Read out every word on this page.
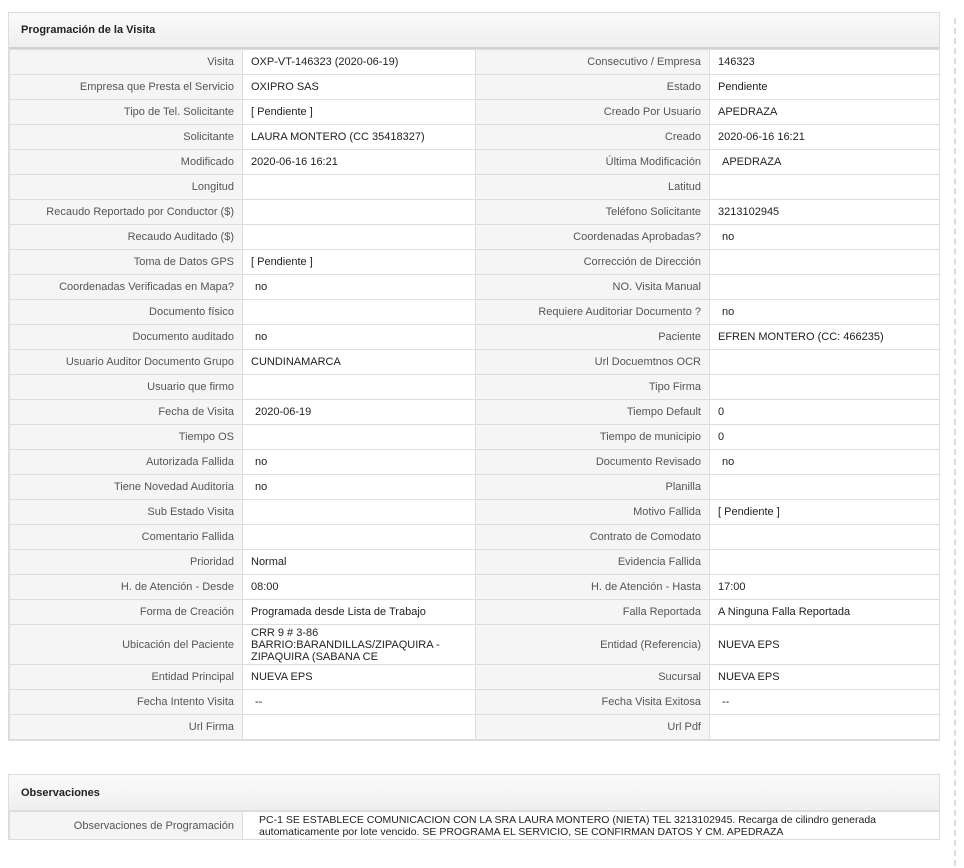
Programación de la Visita
Visita	OXP-VT-146323 (2020-06-19)	Consecutivo / Empresa	146323
Empresa que Presta el Servicio	OXIPRO SAS	Estado	Pendiente
Tipo de Tel. Solicitante	[ Pendiente ]	Creado Por Usuario	APEDRAZA
Solicitante	LAURA MONTERO (CC 35418327)	Creado	2020-06-16 16:21
Modificado	2020-06-16 16:21	Última Modificación	APEDRAZA
Longitud		Latitud	
Recaudo Reportado por Conductor ($)		Teléfono Solicitante	3213102945
Recaudo Auditado ($)		Coordenadas Aprobadas?	no
Toma de Datos GPS	[ Pendiente ]	Corrección de Dirección	
Coordenadas Verificadas en Mapa?	no	NO. Visita Manual	
Documento físico		Requiere Auditoriar Documento ?	no
Documento auditado	no	Paciente	EFREN MONTERO (CC: 466235)
Usuario Auditor Documento Grupo	CUNDINAMARCA	Url Docuemtnos OCR	
Usuario que firmo		Tipo Firma	
Fecha de Visita	2020-06-19	Tiempo Default	0
Tiempo OS		Tiempo de municipio	0
Autorizada Fallida	no	Documento Revisado	no
Tiene Novedad Auditoria	no	Planilla	
Sub Estado Visita		Motivo Fallida	[ Pendiente ]
Comentario Fallida		Contrato de Comodato	
Prioridad	Normal	Evidencia Fallida	
H. de Atención - Desde	08:00	H. de Atención - Hasta	17:00
Forma de Creación	Programada desde Lista de Trabajo	Falla Reportada	A Ninguna Falla Reportada
Ubicación del Paciente	CRR 9 # 3-86 BARRIO:BARANDILLAS/ZIPAQUIRA - ZIPAQUIRA (SABANA CE	Entidad (Referencia)	NUEVA EPS
Entidad Principal	NUEVA EPS	Sucursal	NUEVA EPS
Fecha Intento Visita	--	Fecha Visita Exitosa	--
Url Firma		Url Pdf	
Observaciones
Observaciones de Programación	PC-1 SE ESTABLECE COMUNICACION CON LA SRA LAURA MONTERO (NIETA) TEL 3213102945. Recarga de cilindro generada automaticamente por lote vencido. SE PROGRAMA EL SERVICIO, SE CONFIRMAN DATOS Y CM. APEDRAZA
